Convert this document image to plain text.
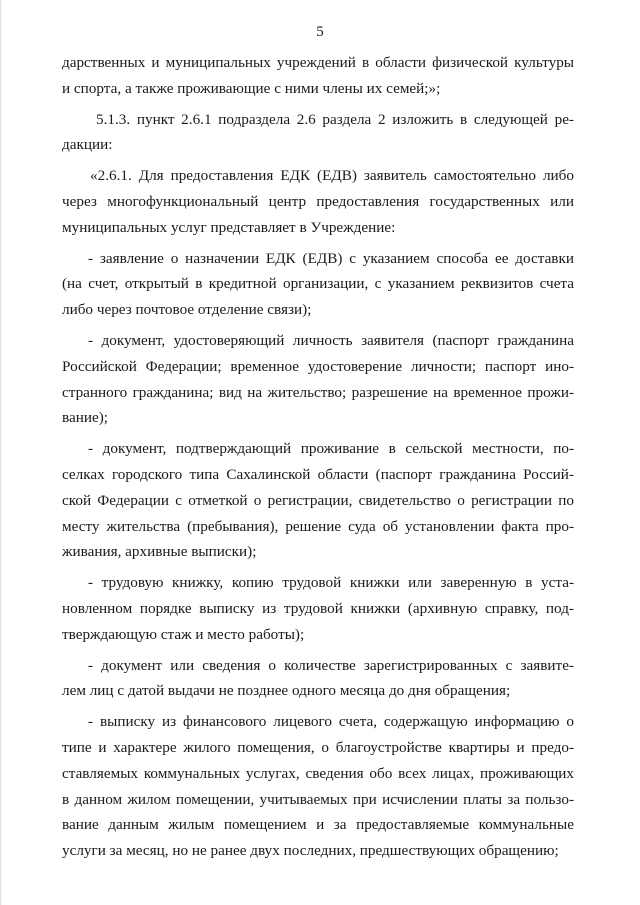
5
дарственных и муниципальных учреждений в области физической культуры
и спорта, а также проживающие с ними члены их семей;»;
5.1.3. пункт 2.6.1 подраздела 2.6 раздела 2 изложить в следующей ре-
дакции:
«2.6.1. Для предоставления ЕДК (ЕДВ) заявитель самостоятельно либо
через многофункциональный центр предоставления государственных или
муниципальных услуг представляет в Учреждение:
- заявление о назначении ЕДК (ЕДВ) с указанием способа ее доставки
(на счет, открытый в кредитной организации, с указанием реквизитов счета
либо через почтовое отделение связи);
- документ, удостоверяющий личность заявителя (паспорт гражданина
Российской Федерации; временное удостоверение личности; паспорт ино-
странного гражданина; вид на жительство; разрешение на временное прожи-
вание);
- документ, подтверждающий проживание в сельской местности, по-
селках городского типа Сахалинской области (паспорт гражданина Россий-
ской Федерации с отметкой о регистрации, свидетельство о регистрации по
месту жительства (пребывания), решение суда об установлении факта про-
живания, архивные выписки);
- трудовую книжку, копию трудовой книжки или заверенную в уста-
новленном порядке выписку из трудовой книжки (архивную справку, под-
тверждающую стаж и место работы);
- документ или сведения о количестве зарегистрированных с заявите-
лем лиц с датой выдачи не позднее одного месяца до дня обращения;
- выписку из финансового лицевого счета, содержащую информацию о
типе и характере жилого помещения, о благоустройстве квартиры и предо-
ставляемых коммунальных услугах, сведения обо всех лицах, проживающих
в данном жилом помещении, учитываемых при исчислении платы за пользо-
вание данным жилым помещением и за предоставляемые коммунальные
услуги за месяц, но не ранее двух последних, предшествующих обращению;
